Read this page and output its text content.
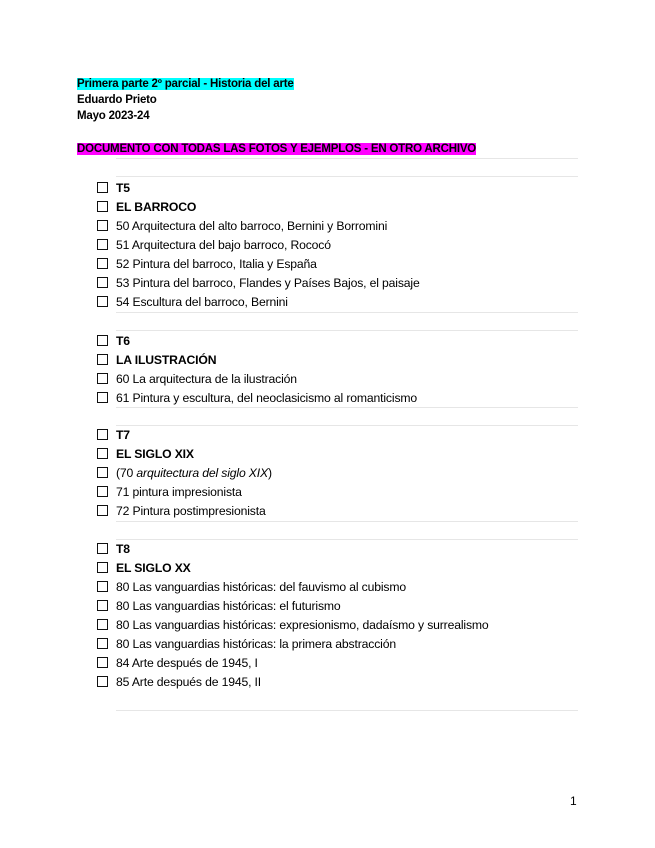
Primera parte 2º parcial - Historia del arte
Eduardo Prieto
Mayo 2023-24
DOCUMENTO CON TODAS LAS FOTOS Y EJEMPLOS - EN OTRO ARCHIVO
T5
EL BARROCO
50 Arquitectura del alto barroco, Bernini y Borromini
51 Arquitectura del bajo barroco, Rococó
52 Pintura del barroco, Italia y España
53 Pintura del barroco, Flandes y Países Bajos, el paisaje
54 Escultura del barroco, Bernini
T6
LA ILUSTRACIÓN
60 La arquitectura de la ilustración
61 Pintura y escultura, del neoclasicismo al romanticismo
T7
EL SIGLO XIX
(70 arquitectura del siglo XIX)
71 pintura impresionista
72 Pintura postimpresionista
T8
EL SIGLO XX
80 Las vanguardias históricas: del fauvismo al cubismo
80 Las vanguardias históricas: el futurismo
80 Las vanguardias históricas: expresionismo, dadaísmo y surrealismo
80 Las vanguardias históricas: la primera abstracción
84 Arte después de 1945, I
85 Arte después de 1945, II
1
